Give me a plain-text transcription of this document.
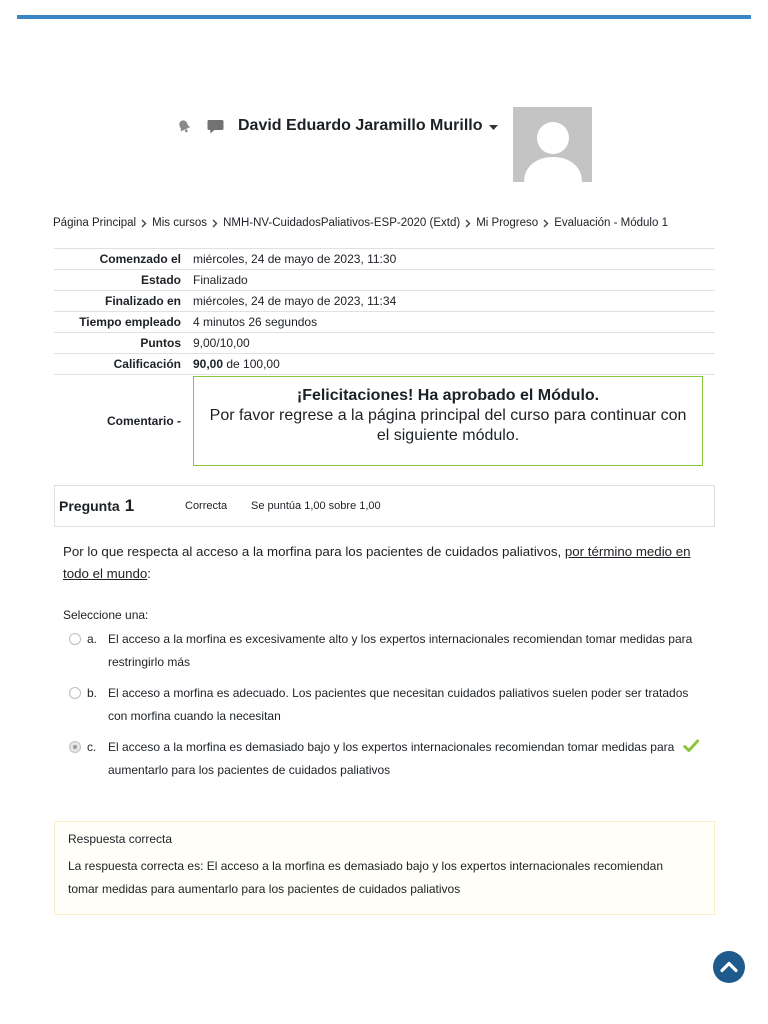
David Eduardo Jaramillo Murillo
Página Principal Mis cursos NMH-NV-CuidadosPaliativos-ESP-2020 (Extd) Mi Progreso Evaluación - Módulo 1
Comenzado el	miércoles, 24 de mayo de 2023, 11:30
Estado	Finalizado
Finalizado en	miércoles, 24 de mayo de 2023, 11:34
Tiempo empleado	4 minutos 26 segundos
Puntos	9,00/10,00
Calificación	90,00 de 100,00
Comentario -
¡Felicitaciones! Ha aprobado el Módulo.
Por favor regrese a la página principal del curso para continuar con el siguiente módulo.
Pregunta 1	Correcta Se puntúa 1,00 sobre 1,00

Por lo que respecta al acceso a la morfina para los pacientes de cuidados paliativos, por término medio en todo el mundo:

Seleccione una:
a. El acceso a la morfina es excesivamente alto y los expertos internacionales recomiendan tomar medidas para restringirlo más
b. El acceso a morfina es adecuado. Los pacientes que necesitan cuidados paliativos suelen poder ser tratados con morfina cuando la necesitan
c. El acceso a la morfina es demasiado bajo y los expertos internacionales recomiendan tomar medidas para aumentarlo para los pacientes de cuidados paliativos
Respuesta correcta
La respuesta correcta es: El acceso a la morfina es demasiado bajo y los expertos internacionales recomiendan tomar medidas para aumentarlo para los pacientes de cuidados paliativos
